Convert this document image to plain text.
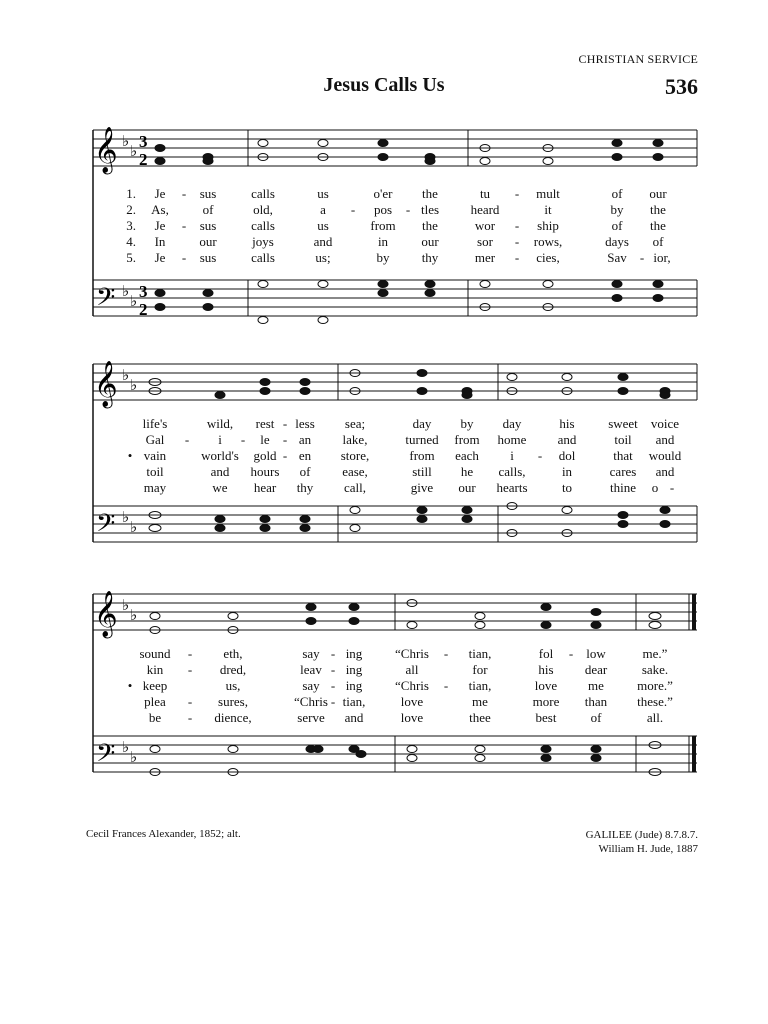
CHRISTIAN SERVICE
Jesus Calls Us	536
𝄞
𝄢
♭
♭
♭
♭
3
2
3
2
1. Je - sus	calls	us	o'er the	tu - mult	of our
2. As,	of	old,	a - pos - tles heard	it	by the
3. Je - sus	calls	us	from the	wor - ship	of the
4. In	our	joys	and	in	our	sor - rows,	days of
5. Je - sus	calls	us;	by thy	mer - cies,	Sav - ior,
𝄞
𝄢
♭
♭
♭
♭
life's	wild, rest - less sea;	day by day	his	sweet voice
Gal - i - le - an lake,	turned from home and	toil and
• vain	world's gold - en store,	from each i - dol	that would
toil	and hours of ease,	still he calls,	in	cares and
may	we hear thy call,	give our hearts	to	thine o -
𝄞
𝄢
♭
♭
♭
♭
sound - eth,	say - ing	“Chris - tian,	fol - low	me.”
kin - dred,	leav - ing	all	for	his dear	sake.
• keep	us,	say - ing	“Chris - tian,	love me	more.”
plea - sures,	“Chris - tian,	love	me	more than these.”
be - dience,	serve and	love	thee	best	of	all.
Cecil Frances Alexander, 1852; alt.	GALILEE (Jude) 8.7.8.7.
William H. Jude, 1887
